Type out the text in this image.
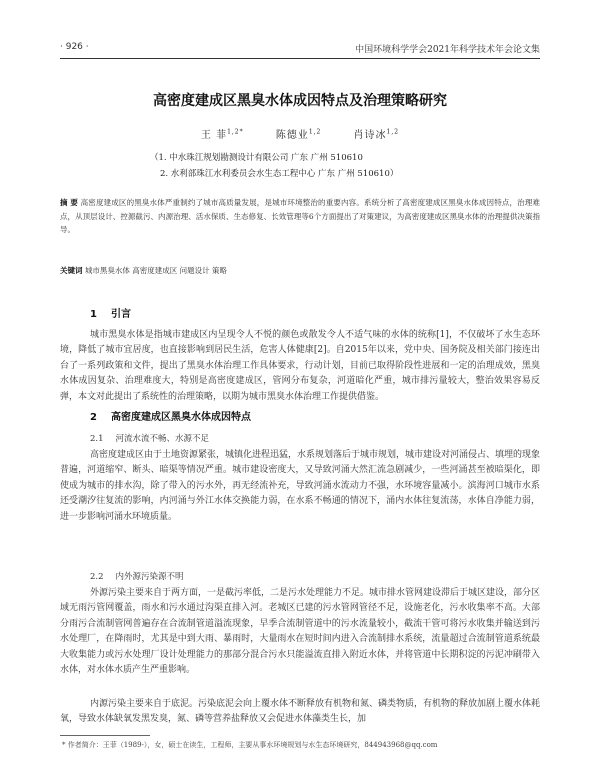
· 926 ·	中国环境科学学会2021年科学技术年会论文集
高密度建成区黑臭水体成因特点及治理策略研究
王 菲$^{1,2*}$	陈德业$^{1,2}$	肖诗冰$^{1,2}$
（1. 中水珠江规划勘测设计有限公司 广东 广州 510610
2. 水利部珠江水利委员会水生态工程中心 广东 广州 510610）
摘 要 高密度建成区的黑臭水体严重制约了城市高质量发展，是城市环境整治的重要内容。系统分析了高密度建成区黑臭水体成因特点，治理难点，从顶层设计、控源截污、内源治理、活水保质、生态修复、长效管理等6个方面提出了对策建议，为高密度建成区黑臭水体的治理提供决策指导。
关键词 城市黑臭水体 高密度建成区 问题设计 策略
1 引言
城市黑臭水体是指城市建成区内呈现令人不悦的颜色或散发令人不适气味的水体的统称[1]，不仅破坏了水生态环境，降低了城市宜居度，也直接影响到居民生活，危害人体健康[2]。自2015年以来，党中央、国务院及相关部门接连出台了一系列政策和文件，提出了黑臭水体治理工作具体要求，行动计划，目前已取得阶段性进展和一定的治理成效，黑臭水体成因复杂、治理难度大，特别是高密度建成区，管网分布复杂，河道暗化严重，城市排污量较大，整治效果容易反弹，本文对此提出了系统性的治理策略，以期为城市黑臭水体治理工作提供借鉴。
2 高密度建成区黑臭水体成因特点
2.1 河流水流不畅、水源不足
高密度建成区由于土地资源紧张，城镇化进程迅猛，水系规划落后于城市规划，城市建设对河涌侵占、填埋的现象普遍，河道缩窄、断头、暗渠等情况严重。城市建设密度大，又导致河涌大然汇流急剧减少，一些河涌甚至被暗渠化，即使成为城市的排水沟，除了带入的污水外，再无经流补充，导致河涌水流动力不强，水环境容量减小。滨海河口城市水系还受潮汐往复流的影响，内河涌与外江水体交换能力弱，在水系不畅通的情况下，涌内水体往复流荡，水体自净能力弱，进一步影响河涌水环境质量。
2.2 内外源污染源不明
外源污染主要来自于两方面，一是截污率低，二是污水处理能力不足。城市排水管网建设滞后于城区建设，部分区域无雨污管网覆盖，雨水和污水通过沟渠直排入河。老城区已建的污水管网管径不足，设施老化，污水收集率不高。大部分雨污合流制管网普遍存在合流制管道溢流现象，早季合流制管道中的污水流量较小，截流干管可将污水收集并输送到污水处理厂，在降雨时，尤其是中到大雨、暴雨时，大量雨水在短时间内进入合流制排水系统，流量超过合流制管道系统最大收集能力或污水处理厂设计处理能力的那部分混合污水只能溢流直排入附近水体，并将管道中长期积淀的污泥冲刷带入水体，对水体水质产生严重影响。
内源污染主要来自于底泥。污染底泥会向上覆水体不断释放有机物和氮、磷类物质，有机物的释放加剧上覆水体耗氧，导致水体缺氧发黑发臭，氮、磷等营养盐释放又会促进水体藻类生长，加
* 作者简介：王菲（1989-），女，硕士在读生，工程师，主要从事水环境规划与水生态环境研究，844943968@qq.com
